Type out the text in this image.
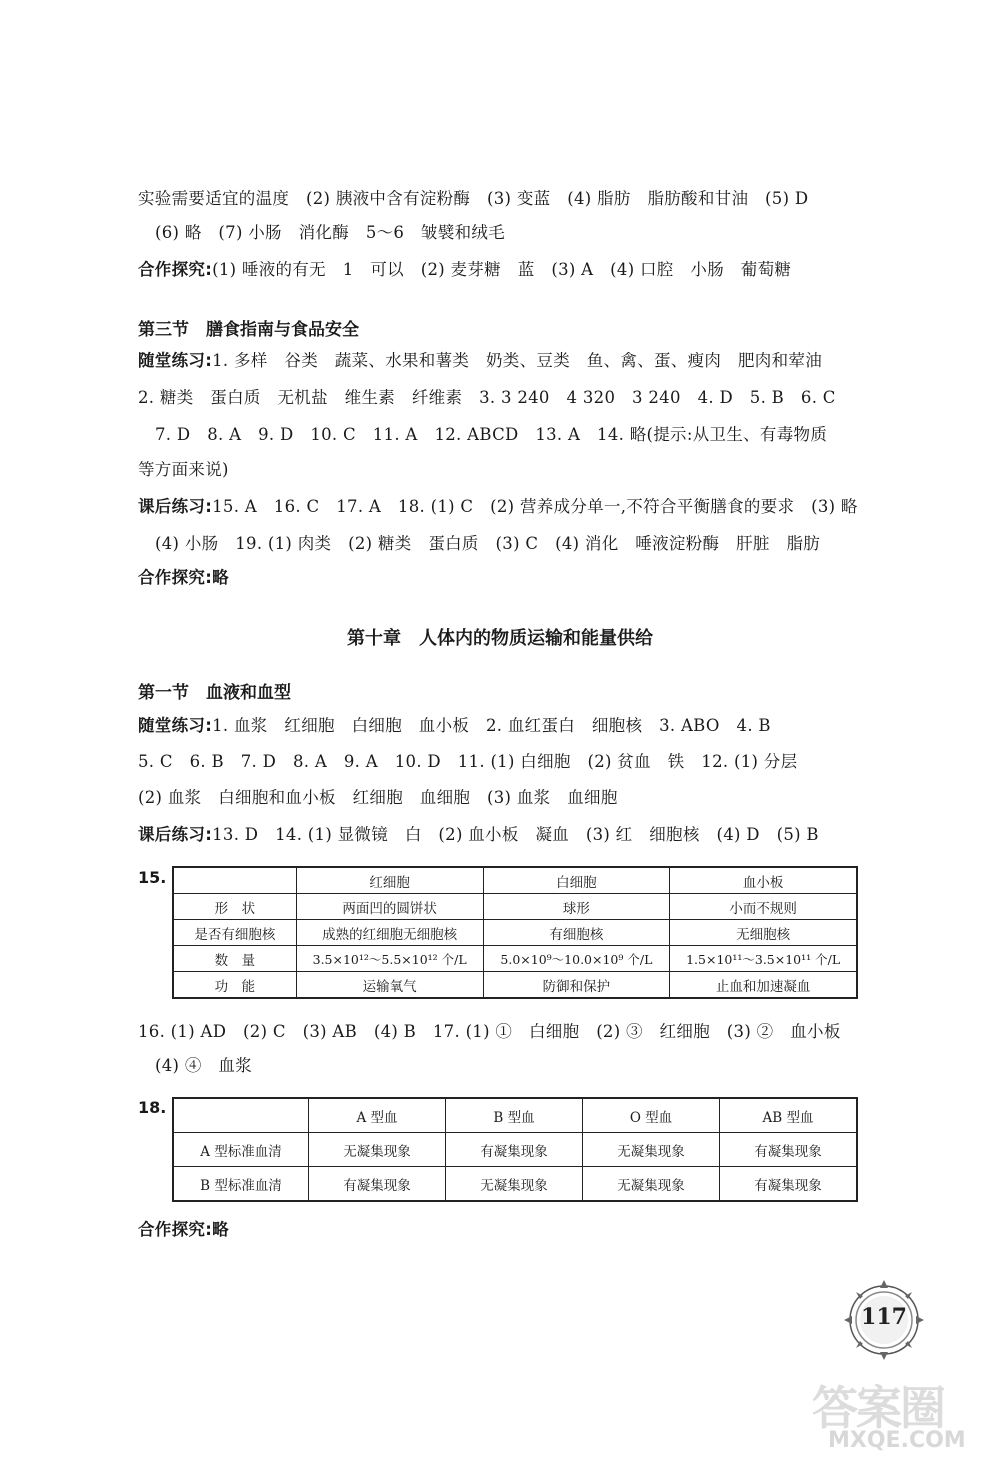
实验需要适宜的温度　(2) 胰液中含有淀粉酶　(3) 变蓝　(4) 脂肪　脂肪酸和甘油　(5) D
(6) 略　(7) 小肠　消化酶　5～6　皱襞和绒毛
合作探究:(1) 唾液的有无　1　可以　(2) 麦芽糖　蓝　(3) A　(4) 口腔　小肠　葡萄糖
第三节　膳食指南与食品安全
随堂练习:1. 多样　谷类　蔬菜、水果和薯类　奶类、豆类　鱼、禽、蛋、瘦肉　肥肉和荤油
2. 糖类　蛋白质　无机盐　维生素　纤维素　3. 3 240　4 320　3 240　4. D　5. B　6. C
7. D　8. A　9. D　10. C　11. A　12. ABCD　13. A　14. 略(提示:从卫生、有毒物质
等方面来说)
课后练习:15. A　16. C　17. A　18. (1) C　(2) 营养成分单一,不符合平衡膳食的要求　(3) 略
(4) 小肠　19. (1) 肉类　(2) 糖类　蛋白质　(3) C　(4) 消化　唾液淀粉酶　肝脏　脂肪
合作探究:略
第十章　人体内的物质运输和能量供给
第一节　血液和血型
随堂练习:1. 血浆　红细胞　白细胞　血小板　2. 血红蛋白　细胞核　3. ABO　4. B
5. C　6. B　7. D　8. A　9. A　10. D　11. (1) 白细胞　(2) 贫血　铁　12. (1) 分层
(2) 血浆　白细胞和血小板　红细胞　血细胞　(3) 血浆　血细胞
课后练习:13. D　14. (1) 显微镜　白　(2) 血小板　凝血　(3) 红　细胞核　(4) D　(5) B
15.
		红细胞	白细胞	血小板
形　状	两面凹的圆饼状	球形	小而不规则
是否有细胞核	成熟的红细胞无细胞核	有细胞核	无细胞核
数　量	3.5×10¹²～5.5×10¹² 个/L	5.0×10⁹～10.0×10⁹ 个/L	1.5×10¹¹～3.5×10¹¹ 个/L
功　能	运输氧气	防御和保护	止血和加速凝血
16. (1) AD　(2) C　(3) AB　(4) B　17. (1) ①　白细胞　(2) ③　红细胞　(3) ②　血小板
(4) ④　血浆
18.
	A 型血	B 型血	O 型血	AB 型血
A 型标准血清	无凝集现象	有凝集现象	无凝集现象	有凝集现象
B 型标准血清	有凝集现象	无凝集现象	无凝集现象	有凝集现象
合作探究:略
117
答案圈
MXQE.COM
